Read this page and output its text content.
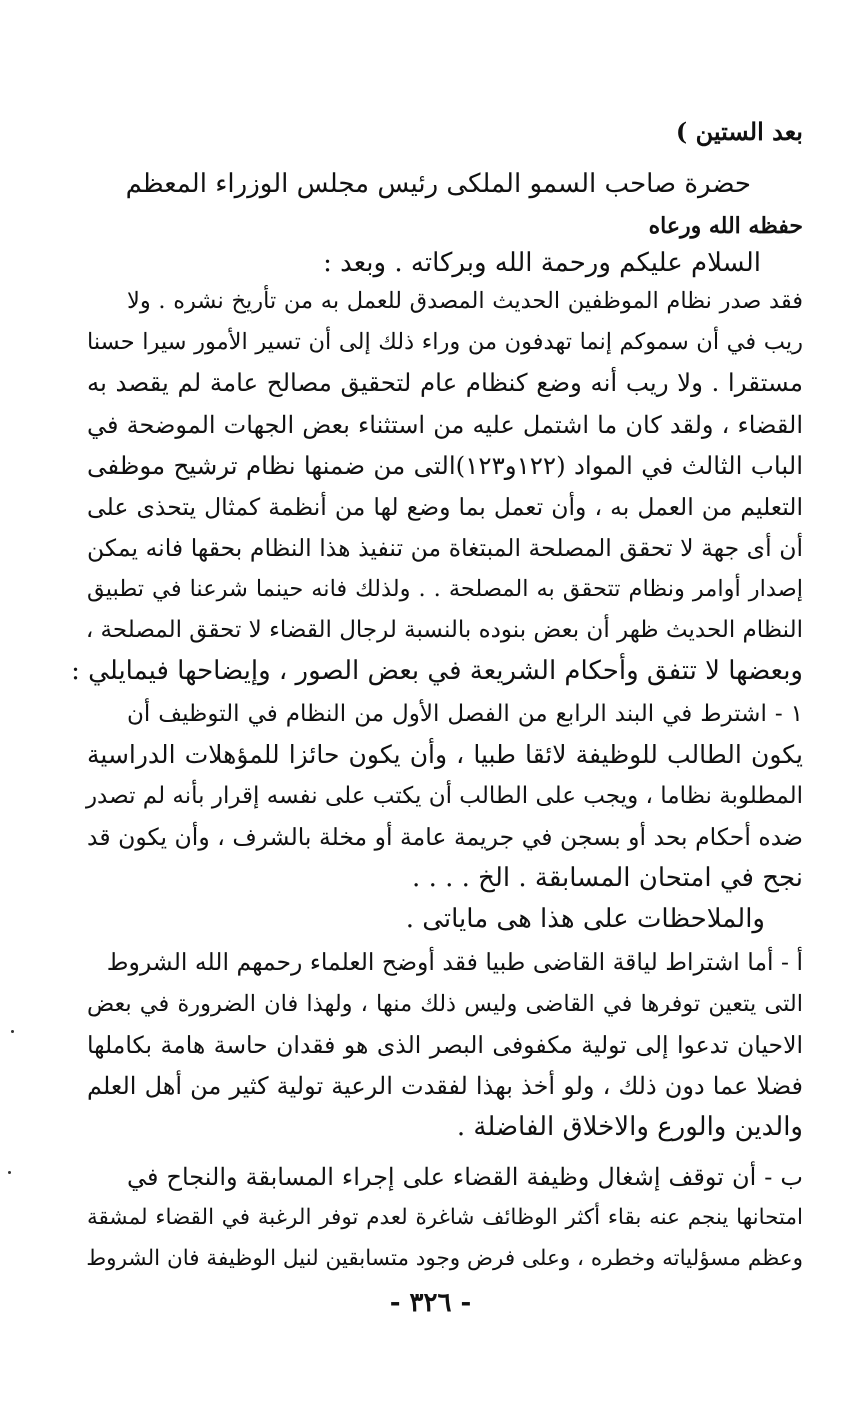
بعد الستين )
حضرة صاحب السمو الملكى رئيس مجلس الوزراء المعظم
حفظه الله ورعاه
السلام عليكم ورحمة الله وبركاته . وبعد :
فقد صدر نظام الموظفين الحديث المصدق للعمل به من تأريخ نشره . ولا
ريب في أن سموكم إنما تهدفون من وراء ذلك إلى أن تسير الأمور سيرا حسنا
مستقرا . ولا ريب أنه وضع كنظام عام لتحقيق مصالح عامة لم يقصد به
القضاء ، ولقد كان ما اشتمل عليه من استثناء بعض الجهات الموضحة في
الباب الثالث في المواد (١٢٢و١٢٣)التى من ضمنها نظام ترشيح موظفى
التعليم من العمل به ، وأن تعمل بما وضع لها من أنظمة كمثال يتحذى على
أن أى جهة لا تحقق المصلحة المبتغاة من تنفيذ هذا النظام بحقها فانه يمكن
إصدار أوامر ونظام تتحقق به المصلحة . . ولذلك فانه حينما شرعنا في تطبيق
النظام الحديث ظهر أن بعض بنوده بالنسبة لرجال القضاء لا تحقق المصلحة ،
وبعضها لا تتفق وأحكام الشريعة في بعض الصور ، وإيضاحها فيمايلي :
١ - اشترط في البند الرابع من الفصل الأول من النظام في التوظيف أن
يكون الطالب للوظيفة لائقا طبيا ، وأن يكون حائزا للمؤهلات الدراسية
المطلوبة نظاما ، ويجب على الطالب أن يكتب على نفسه إقرار بأنه لم تصدر
ضده أحكام بحد أو بسجن في جريمة عامة أو مخلة بالشرف ، وأن يكون قد
نجح في امتحان المسابقة . الخ . . . .
والملاحظات على هذا هى ماياتى .
أ - أما اشتراط لياقة القاضى طبيا فقد أوضح العلماء رحمهم الله الشروط
التى يتعين توفرها في القاضى وليس ذلك منها ، ولهذا فان الضرورة في بعض
الاحيان تدعوا إلى تولية مكفوفى البصر الذى هو فقدان حاسة هامة بكاملها
فضلا عما دون ذلك ، ولو أخذ بهذا لفقدت الرعية تولية كثير من أهل العلم
والدين والورع والاخلاق الفاضلة .
ب - أن توقف إشغال وظيفة القضاء على إجراء المسابقة والنجاح في
امتحانها ينجم عنه بقاء أكثر الوظائف شاغرة لعدم توفر الرغبة في القضاء لمشقة
وعظم مسؤلياته وخطره ، وعلى فرض وجود متسابقين لنيل الوظيفة فان الشروط
- ٣٢٦ -
